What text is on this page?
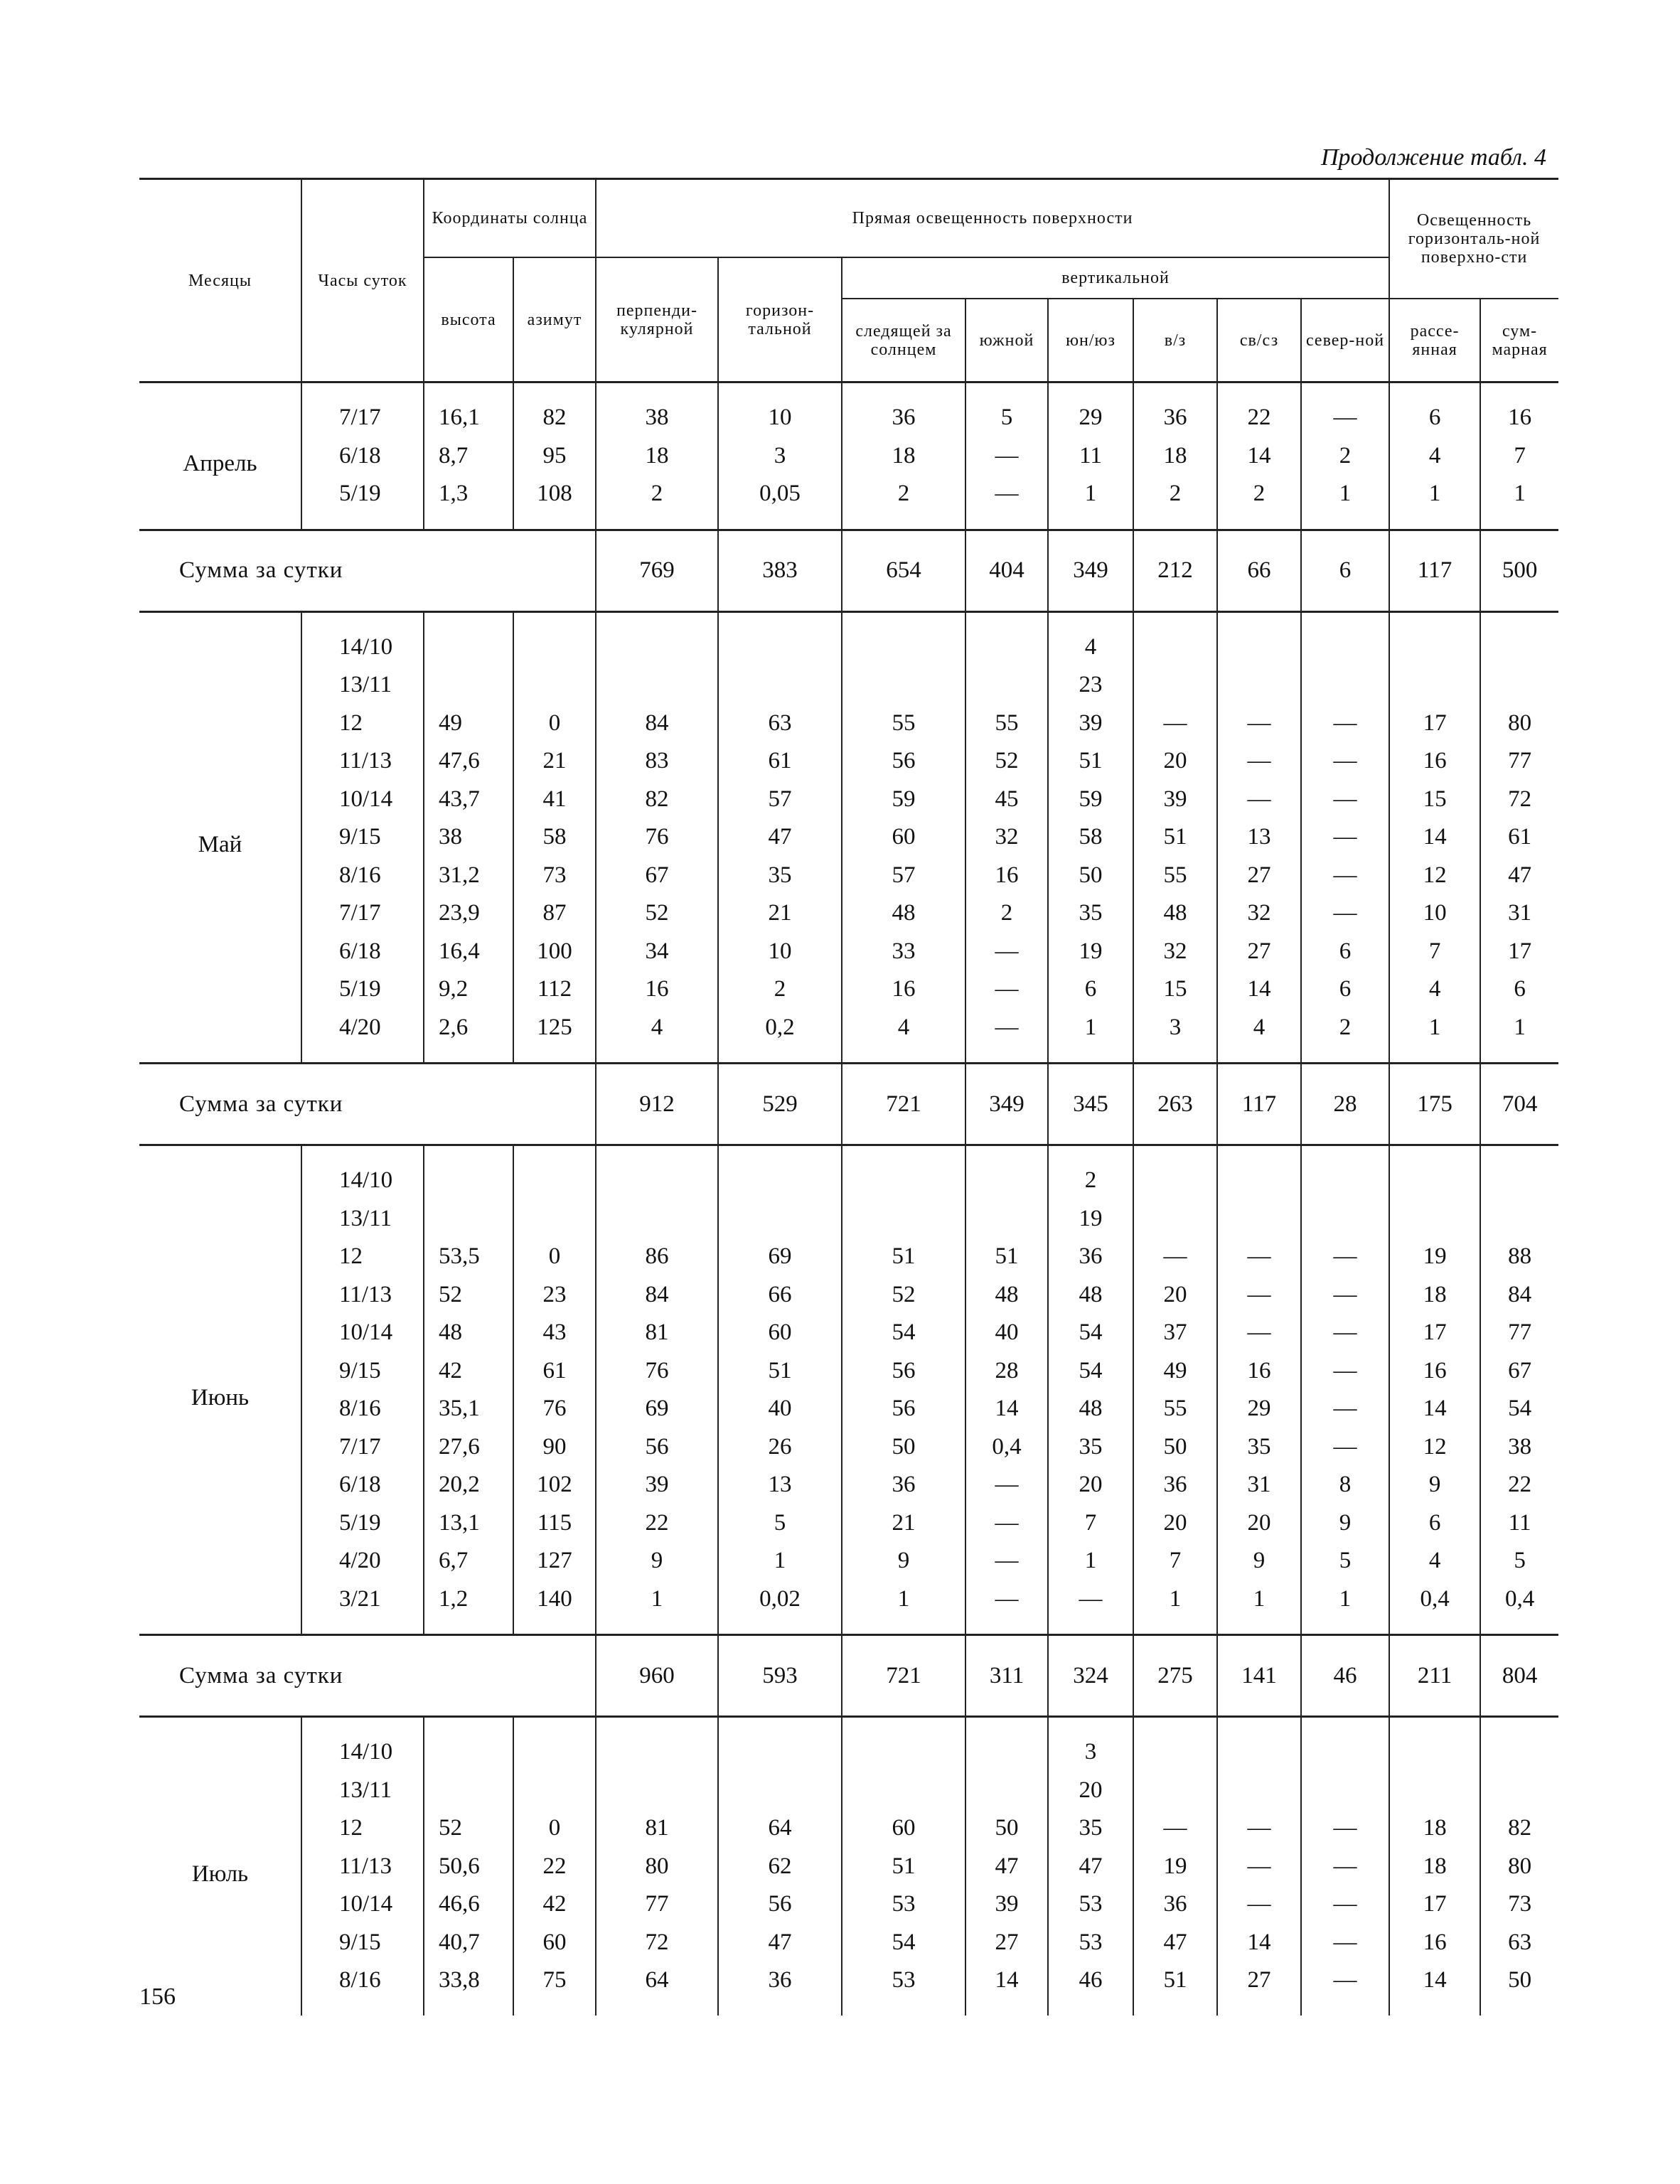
Продолжение табл. 4
Месяцы	Часы суток	Координаты солнца		Прямая освещенность поверхности								Освещенность горизонталь-ной поверхно-сти	
		высота	азимут	перпенди-кулярной	горизон-тальной	вертикальной							
						следящей за солнцем	южной	юн/юз	в/з	св/сз	север-ной	рассе-янная	сум-марная

Апрель	7/17	16,1	82	38	10	36	5	29	36	22	—	6	16
	6/18	8,7	95	18	3	18	—	11	18	14	2	4	7
	5/19	1,3	108	2	0,05	2	—	1	2	2	1	1	1

Сумма за сутки				769	383	654	404	349	212	66	6	117	500

Май	14/10							4					
	13/11							23					
	12	49	0	84	63	55	55	39	—	—	—	17	80
	11/13	47,6	21	83	61	56	52	51	20	—	—	16	77
	10/14	43,7	41	82	57	59	45	59	39	—	—	15	72
	9/15	38	58	76	47	60	32	58	51	13	—	14	61
	8/16	31,2	73	67	35	57	16	50	55	27	—	12	47
	7/17	23,9	87	52	21	48	2	35	48	32	—	10	31
	6/18	16,4	100	34	10	33	—	19	32	27	6	7	17
	5/19	9,2	112	16	2	16	—	6	15	14	6	4	6
	4/20	2,6	125	4	0,2	4	—	1	3	4	2	1	1

Сумма за сутки				912	529	721	349	345	263	117	28	175	704

Июнь	14/10							2					
	13/11							19					
	12	53,5	0	86	69	51	51	36	—	—	—	19	88
	11/13	52	23	84	66	52	48	48	20	—	—	18	84
	10/14	48	43	81	60	54	40	54	37	—	—	17	77
	9/15	42	61	76	51	56	28	54	49	16	—	16	67
	8/16	35,1	76	69	40	56	14	48	55	29	—	14	54
	7/17	27,6	90	56	26	50	0,4	35	50	35	—	12	38
	6/18	20,2	102	39	13	36	—	20	36	31	8	9	22
	5/19	13,1	115	22	5	21	—	7	20	20	9	6	11
	4/20	6,7	127	9	1	9	—	1	7	9	5	4	5
	3/21	1,2	140	1	0,02	1	—	—	1	1	1	0,4	0,4

Сумма за сутки				960	593	721	311	324	275	141	46	211	804

Июль	14/10							3					
	13/11							20					
	12	52	0	81	64	60	50	35	—	—	—	18	82
	11/13	50,6	22	80	62	51	47	47	19	—	—	18	80
	10/14	46,6	42	77	56	53	39	53	36	—	—	17	73
	9/15	40,7	60	72	47	54	27	53	47	14	—	16	63
	8/16	33,8	75	64	36	53	14	46	51	27	—	14	50

156
